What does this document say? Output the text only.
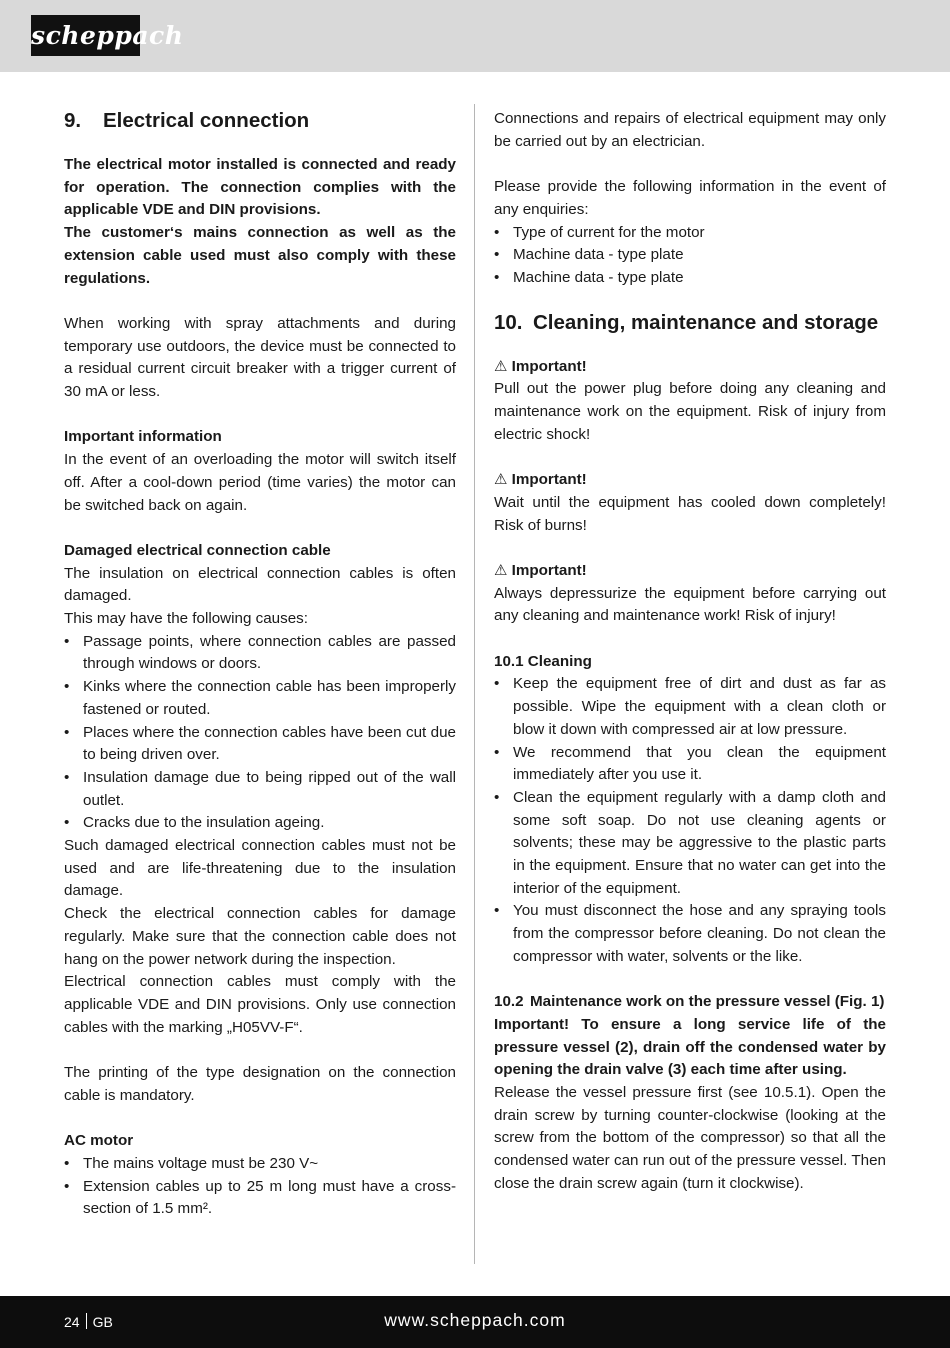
scheppach
9. Electrical connection

The electrical motor installed is connected and ready for operation. The connection complies with the applicable VDE and DIN provisions.

The customer‘s mains connection as well as the extension cable used must also comply with these regulations.

When working with spray attachments and during temporary use outdoors, the device must be connected to a residual current circuit breaker with a trigger current of 30 mA or less.

Important information

In the event of an overloading the motor will switch itself off. After a cool-down period (time varies) the motor can be switched back on again.

Damaged electrical connection cable

The insulation on electrical connection cables is often damaged.

This may have the following causes:

• Passage points, where connection cables are passed through windows or doors.
• Kinks where the connection cable has been improperly fastened or routed.
• Places where the connection cables have been cut due to being driven over.
• Insulation damage due to being ripped out of the wall outlet.
• Cracks due to the insulation ageing.

Such damaged electrical connection cables must not be used and are life-threatening due to the insulation damage.

Check the electrical connection cables for damage regularly. Make sure that the connection cable does not hang on the power network during the inspection.

Electrical connection cables must comply with the applicable VDE and DIN provisions. Only use connection cables with the marking „H05VV-F“.

The printing of the type designation on the connection cable is mandatory.

AC motor

• The mains voltage must be 230 V~
• Extension cables up to 25 m long must have a cross-section of 1.5 mm².

Connections and repairs of electrical equipment may only be carried out by an electrician.

Please provide the following information in the event of any enquiries:

• Type of current for the motor
• Machine data - type plate
• Machine data - type plate
10. Cleaning, maintenance and storage

⚠ Important!

Pull out the power plug before doing any cleaning and maintenance work on the equipment. Risk of injury from electric shock!

⚠ Important!

Wait until the equipment has cooled down completely! Risk of burns!

⚠ Important!

Always depressurize the equipment before carrying out any cleaning and maintenance work! Risk of injury!

10.1 Cleaning

• Keep the equipment free of dirt and dust as far as possible. Wipe the equipment with a clean cloth or blow it down with compressed air at low pressure.
• We recommend that you clean the equipment immediately after you use it.
• Clean the equipment regularly with a damp cloth and some soft soap. Do not use cleaning agents or solvents; these may be aggressive to the plastic parts in the equipment. Ensure that no water can get into the interior of the equipment.
• You must disconnect the hose and any spraying tools from the compressor before cleaning. Do not clean the compressor with water, solvents or the like.
10.2 Maintenance work on the pressure vessel (Fig. 1)

Important! To ensure a long service life of the pressure vessel (2), drain off the condensed water by opening the drain valve (3) each time after using.

Release the vessel pressure first (see 10.5.1). Open the drain screw by turning counter-clockwise (looking at the screw from the bottom of the compressor) so that all the condensed water can run out of the pressure vessel. Then close the drain screw again (turn it clockwise).

24 GB	www.scheppach.com
